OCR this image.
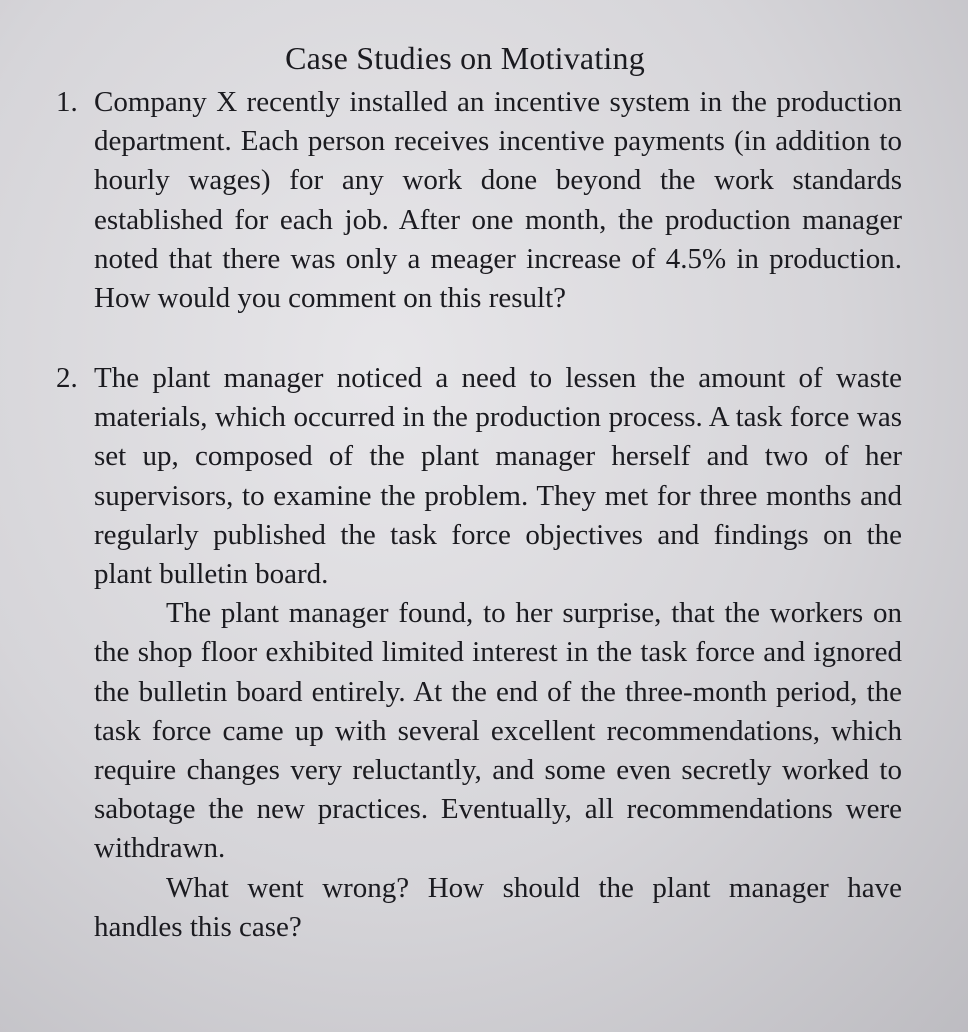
Case Studies on Motivating
1. Company X recently installed an incentive system in the production department. Each person receives incentive payments (in addition to hourly wages) for any work done beyond the work standards established for each job. After one month, the production manager noted that there was only a meager increase of 4.5% in production. How would you comment on this result?

2. The plant manager noticed a need to lessen the amount of waste materials, which occurred in the production process. A task force was set up, composed of the plant manager herself and two of her supervisors, to examine the problem. They met for three months and regularly published the task force objectives and findings on the plant bulletin board.

The plant manager found, to her surprise, that the workers on the shop floor exhibited limited interest in the task force and ignored the bulletin board entirely. At the end of the three-month period, the task force came up with several excellent recommendations, which require changes very reluctantly, and some even secretly worked to sabotage the new practices. Eventually, all recommendations were withdrawn.

What went wrong? How should the plant manager have handles this case?
